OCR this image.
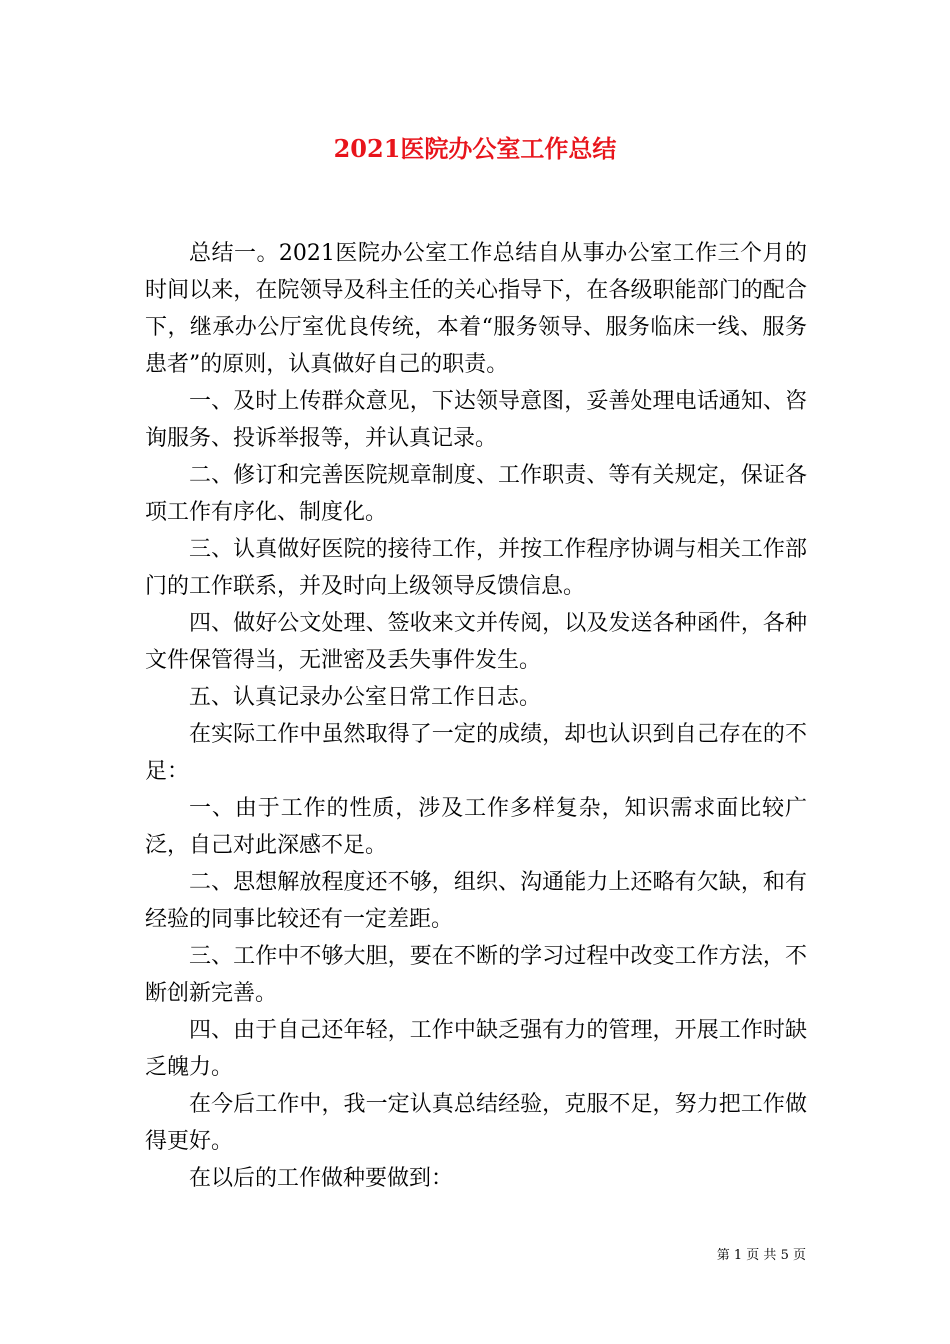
2021医院办公室工作总结

总结一。2021医院办公室工作总结自从事办公室工作三个月的时间以来，在院领导及科主任的关心指导下，在各级职能部门的配合下，继承办公厅室优良传统，本着“服务领导、服务临床一线、服务患者”的原则，认真做好自己的职责。

一、及时上传群众意见，下达领导意图，妥善处理电话通知、咨询服务、投诉举报等，并认真记录。

二、修订和完善医院规章制度、工作职责、等有关规定，保证各项工作有序化、制度化。

三、认真做好医院的接待工作，并按工作程序协调与相关工作部门的工作联系，并及时向上级领导反馈信息。

四、做好公文处理、签收来文并传阅，以及发送各种函件，各种文件保管得当，无泄密及丢失事件发生。

五、认真记录办公室日常工作日志。

在实际工作中虽然取得了一定的成绩，却也认识到自己存在的不足：

一、由于工作的性质，涉及工作多样复杂，知识需求面比较广泛，自己对此深感不足。

二、思想解放程度还不够，组织、沟通能力上还略有欠缺，和有经验的同事比较还有一定差距。

三、工作中不够大胆，要在不断的学习过程中改变工作方法，不断创新完善。

四、由于自己还年轻，工作中缺乏强有力的管理，开展工作时缺乏魄力。

在今后工作中，我一定认真总结经验，克服不足，努力把工作做得更好。

在以后的工作做种要做到：

第 1 页 共 5 页
